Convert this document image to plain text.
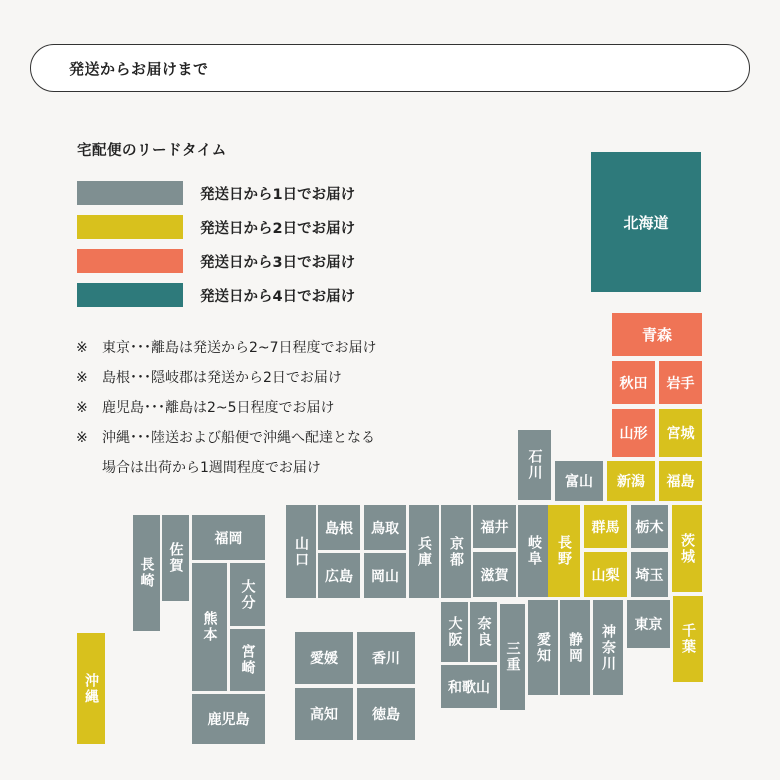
発送からお届けまで
宅配便のリードタイム
発送日から1日でお届け
発送日から2日でお届け
発送日から3日でお届け
発送日から4日でお届け
※ 東京･･･離島は発送から2~7日程度でお届け
※ 島根･･･隠岐郡は発送から2日でお届け
※ 鹿児島･･･離島は2~5日程度でお届け
※ 沖縄･･･陸送および船便で沖縄へ配達となる
場合は出荷から1週間程度でお届け
北海道
青森
秋田	岩手
山形	宮城
新潟	福島
石川
富山
岐阜	長野
群馬	栃木
茨城
山梨	埼玉
東京	千葉
神奈川
静岡
愛知
三重
福井
滋賀
京都
大阪 奈良
和歌山
兵庫
島根	鳥取
広島	岡山
山口
愛媛	香川
高知	徳島
福岡
佐賀
長崎
熊本
大分
宮崎
鹿児島
沖縄
